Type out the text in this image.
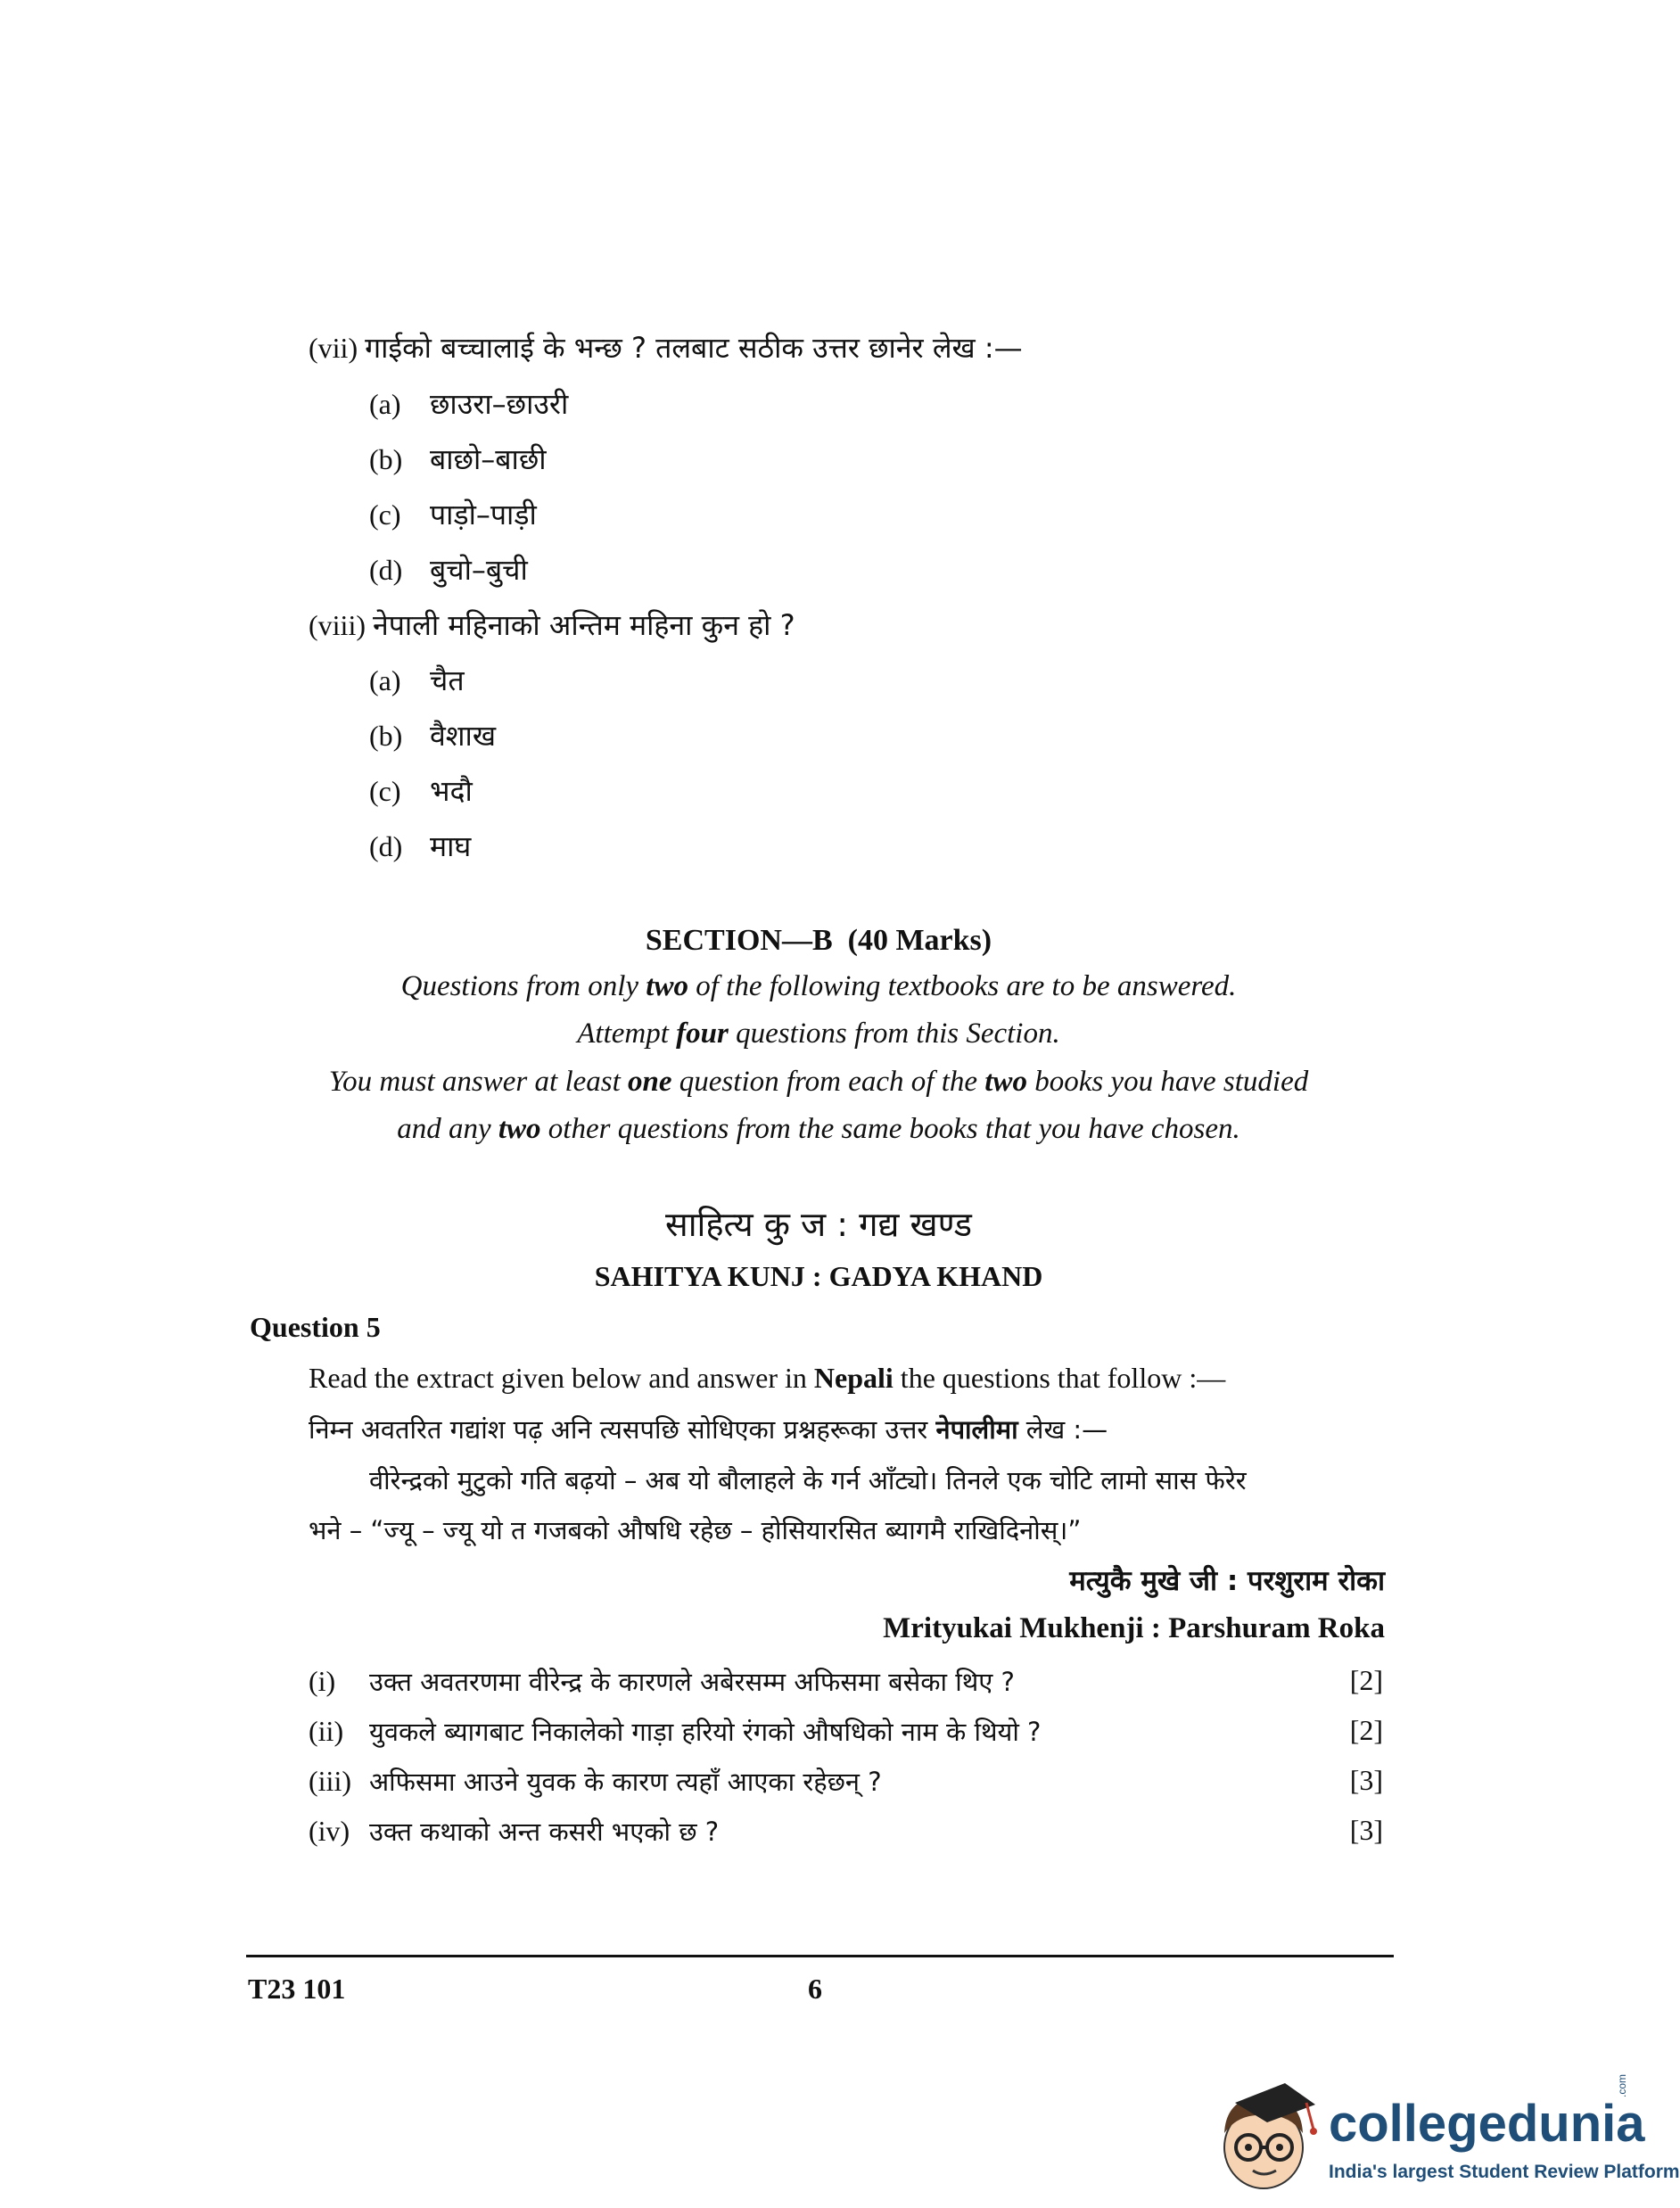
(vii) गाईको बच्चालाई के भन्छ ? तलबाट सठीक उत्तर छानेर लेख :—
(a) छाउरा–छाउरी
(b) बाछो–बाछी
(c) पाड़ो–पाड़ी
(d) बुचो–बुची
(viii) नेपाली महिनाको अन्तिम महिना कुन हो ?
(a) चैत
(b) वैशाख
(c) भदौ
(d) माघ
SECTION—B (40 Marks)
Questions from only two of the following textbooks are to be answered.
Attempt four questions from this Section.
You must answer at least one question from each of the two books you have studied
and any two other questions from the same books that you have chosen.
साहित्य कु ज : गद्य खण्ड
SAHITYA KUNJ : GADYA KHAND
Question 5
Read the extract given below and answer in Nepali the questions that follow :—
निम्न अवतरित गद्यांश पढ़ अनि त्यसपछि सोधिएका प्रश्नहरूका उत्तर नेपालीमा लेख :—
वीरेन्द्रको मुटुको गति बढ़यो – अब यो बौलाहले के गर्न आँट्यो। तिनले एक चोटि लामो सास फेरेर
भने – “ज्यू – ज्यू यो त गजबको औषधि रहेछ – होसियारसित ब्यागमै राखिदिनोस्।”
मत्युकै मुखे जी : परशुराम रोका
Mrityukai Mukhenji : Parshuram Roka
(i) उक्त अवतरणमा वीरेन्द्र के कारणले अबेरसम्म अफिसमा बसेका थिए ?	[2]
(ii) युवकले ब्यागबाट निकालेको गाड़ा हरियो रंगको औषधिको नाम के थियो ?	[2]
(iii) अफिसमा आउने युवक के कारण त्यहाँ आएका रहेछन् ?	[3]
(iv) उक्त कथाको अन्त कसरी भएको छ ?	[3]
T23 101	6
collegedunia
.com
India's largest Student Review Platform
